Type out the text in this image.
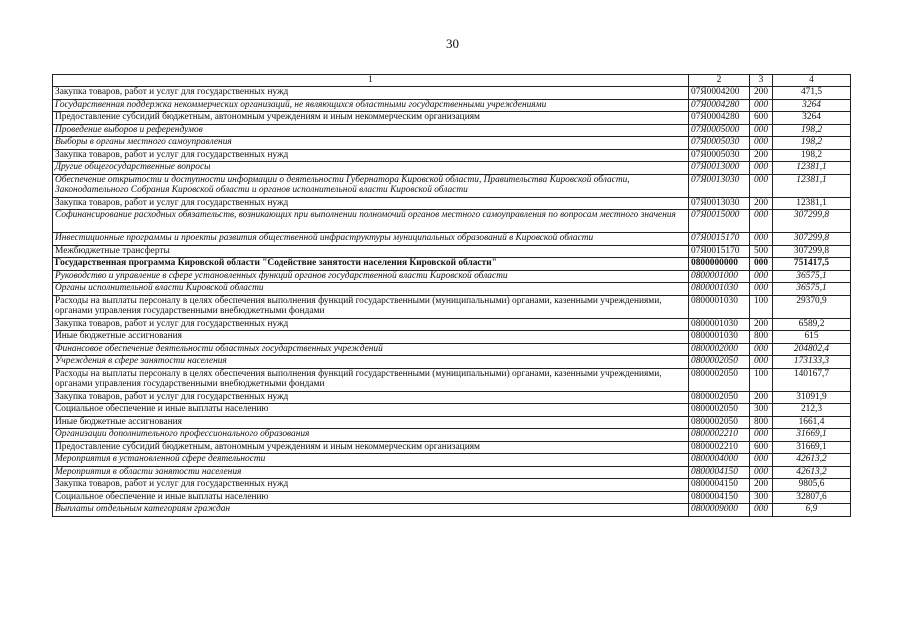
30
1	2	3	4
Закупка товаров, работ и услуг для государственных нужд	07Я0004200	200	471,5
Государственная поддержка некоммерческих организаций, не являющихся областными государственными учреждениями	07Я0004280	000	3264
Предоставление субсидий бюджетным, автономным учреждениям и иным некоммерческим организациям	07Я0004280	600	3264
Проведение выборов и референдумов	07Я0005000	000	198,2
Выборы в органы местного самоуправления	07Я0005030	000	198,2
Закупка товаров, работ и услуг для государственных нужд	07Я0005030	200	198,2
Другие общегосударственные вопросы	07Я0013000	000	12381,1
Обеспечение открытости и доступности информации о деятельности Губернатора Кировской области, Правительства Кировской области, Законодательного Собрания Кировской области и органов исполнительной власти Кировской области	07Я0013030	000	12381,1
Закупка товаров, работ и услуг для государственных нужд	07Я0013030	200	12381,1
Софинансирование расходных обязательств, возникающих при выполнении полномочий органов местного самоуправления по вопросам местного значения	07Я0015000	000	307299,8
Инвестиционные программы и проекты развития общественной инфраструктуры муниципальных образований в Кировской области	07Я0015170	000	307299,8
Межбюджетные трансферты	07Я0015170	500	307299,8
Государственная программа Кировской области "Содействие занятости населения Кировской области"	0800000000	000	751417,5
Руководство и управление в сфере установленных функций органов государственной власти Кировской области	0800001000	000	36575,1
Органы исполнительной власти Кировской области	0800001030	000	36575,1
Расходы на выплаты персоналу в целях обеспечения выполнения функций государственными (муниципальными) органами, казенными учреждениями, органами управления государственными внебюджетными фондами	0800001030	100	29370,9
Закупка товаров, работ и услуг для государственных нужд	0800001030	200	6589,2
Иные бюджетные ассигнования	0800001030	800	615
Финансовое обеспечение деятельности областных государственных учреждений	0800002000	000	204802,4
Учреждения в сфере занятости населения	0800002050	000	173133,3
Расходы на выплаты персоналу в целях обеспечения выполнения функций государственными (муниципальными) органами, казенными учреждениями, органами управления государственными внебюджетными фондами	0800002050	100	140167,7
Закупка товаров, работ и услуг для государственных нужд	0800002050	200	31091,9
Социальное обеспечение и иные выплаты населению	0800002050	300	212,3
Иные бюджетные ассигнования	0800002050	800	1661,4
Организации дополнительного профессионального образования	0800002210	000	31669,1
Предоставление субсидий бюджетным, автономным учреждениям и иным некоммерческим организациям	0800002210	600	31669,1
Мероприятия в установленной сфере деятельности	0800004000	000	42613,2
Мероприятия в области занятости населения	0800004150	000	42613,2
Закупка товаров, работ и услуг для государственных нужд	0800004150	200	9805,6
Социальное обеспечение и иные выплаты населению	0800004150	300	32807,6
Выплаты отдельным категориям граждан	0800009000	000	6,9
